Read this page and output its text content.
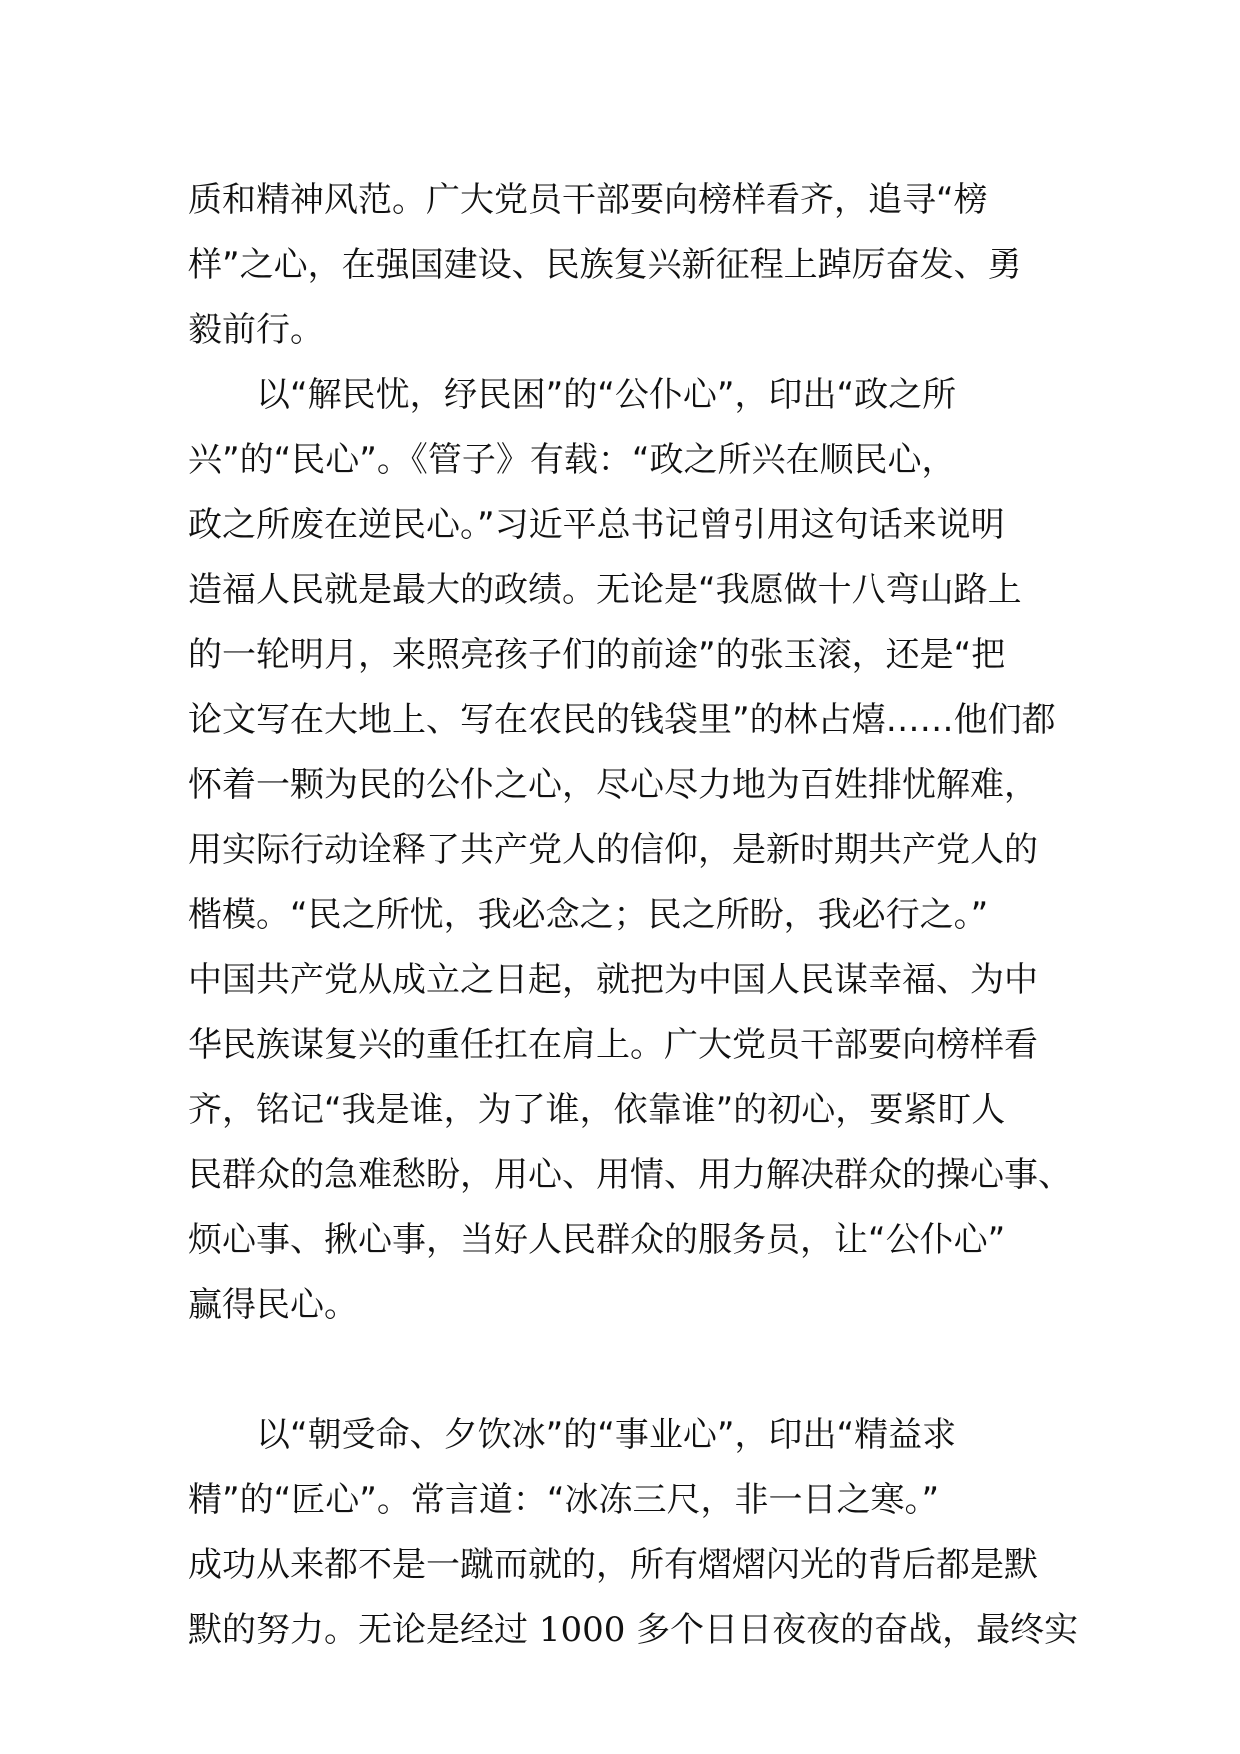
质和精神风范。广大党员干部要向榜样看齐，追寻“榜
样”之心，在强国建设、民族复兴新征程上踔厉奋发、勇
毅前行。
以“解民忧，纾民困”的“公仆心”，印出“政之所
兴”的“民心”。《管子》有载：“政之所兴在顺民心，
政之所废在逆民心。”习近平总书记曾引用这句话来说明
造福人民就是最大的政绩。无论是“我愿做十八弯山路上
的一轮明月，来照亮孩子们的前途”的张玉滚，还是“把
论文写在大地上、写在农民的钱袋里”的林占熺……他们都
怀着一颗为民的公仆之心，尽心尽力地为百姓排忧解难，
用实际行动诠释了共产党人的信仰，是新时期共产党人的
楷模。“民之所忧，我必念之；民之所盼，我必行之。”
中国共产党从成立之日起，就把为中国人民谋幸福、为中
华民族谋复兴的重任扛在肩上。广大党员干部要向榜样看
齐，铭记“我是谁，为了谁，依靠谁”的初心，要紧盯人
民群众的急难愁盼，用心、用情、用力解决群众的操心事、
烦心事、揪心事，当好人民群众的服务员，让“公仆心”
赢得民心。
以“朝受命、夕饮冰”的“事业心”，印出“精益求
精”的“匠心”。常言道：“冰冻三尺，非一日之寒。”
成功从来都不是一蹴而就的，所有熠熠闪光的背后都是默
默的努力。无论是经过 1000 多个日日夜夜的奋战，最终实
